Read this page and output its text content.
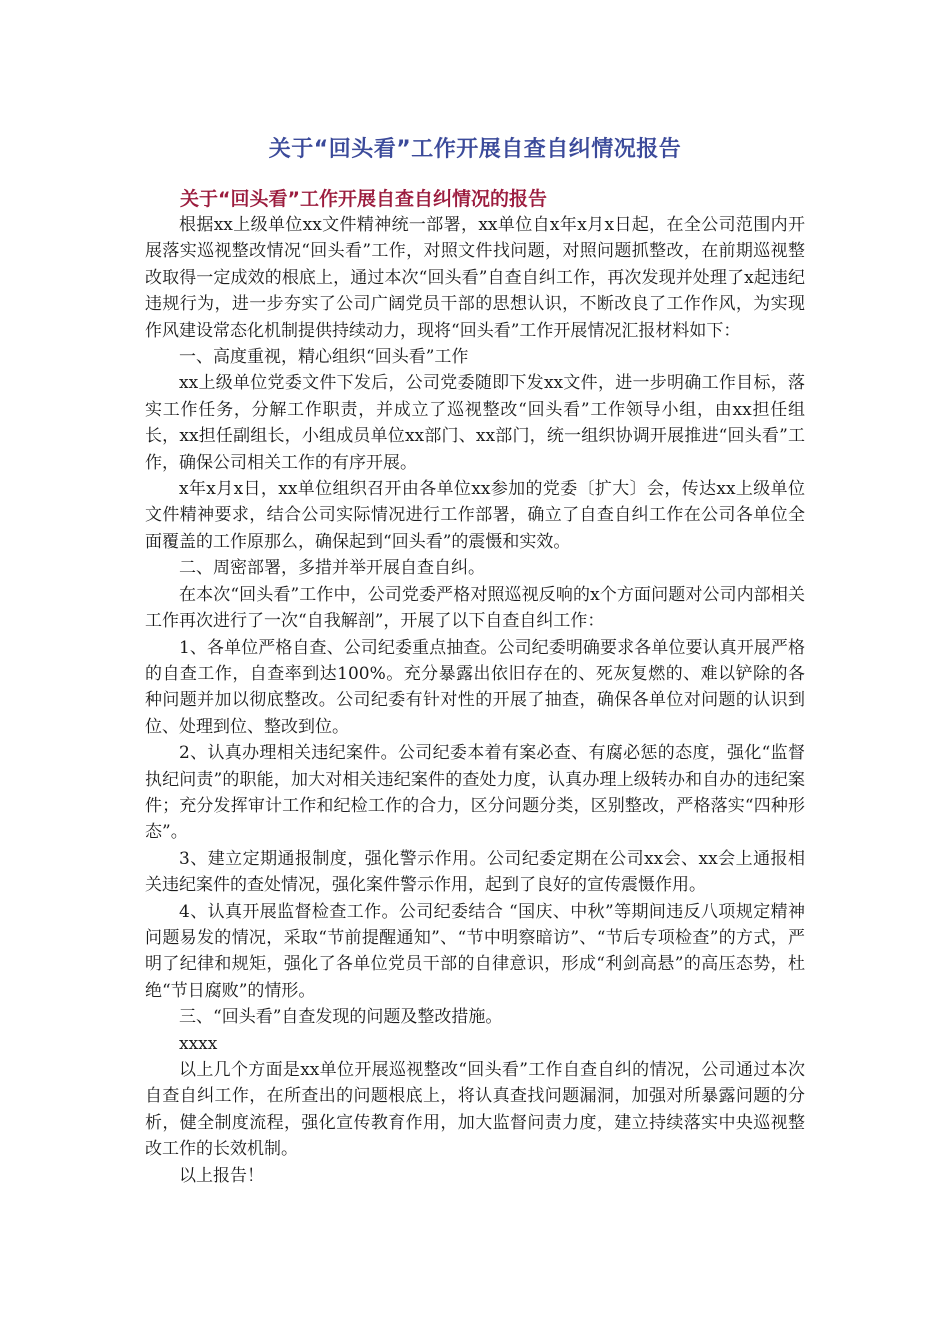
关于“回头看”工作开展自查自纠情况报告
关于“回头看”工作开展自查自纠情况的报告

根据xx上级单位xx文件精神统一部署，xx单位自x年x月x日起，在全公司范围内开展落实巡视整改情况“回头看”工作，对照文件找问题，对照问题抓整改，在前期巡视整改取得一定成效的根底上，通过本次“回头看”自查自纠工作，再次发现并处理了x起违纪违规行为，进一步夯实了公司广阔党员干部的思想认识，不断改良了工作作风，为实现作风建设常态化机制提供持续动力，现将“回头看”工作开展情况汇报材料如下：

一、高度重视，精心组织“回头看”工作

xx上级单位党委文件下发后，公司党委随即下发xx文件，进一步明确工作目标，落实工作任务，分解工作职责，并成立了巡视整改“回头看”工作领导小组，由xx担任组长，xx担任副组长，小组成员单位xx部门、xx部门，统一组织协调开展推进“回头看”工作，确保公司相关工作的有序开展。

x年x月x日，xx单位组织召开由各单位xx参加的党委〔扩大〕会，传达xx上级单位文件精神要求，结合公司实际情况进行工作部署，确立了自查自纠工作在公司各单位全面覆盖的工作原那么，确保起到“回头看”的震慑和实效。

二、周密部署，多措并举开展自查自纠。

在本次“回头看”工作中，公司党委严格对照巡视反响的x个方面问题对公司内部相关工作再次进行了一次“自我解剖”，开展了以下自查自纠工作：

1、各单位严格自查、公司纪委重点抽查。公司纪委明确要求各单位要认真开展严格的自查工作，自查率到达100%。充分暴露出依旧存在的、死灰复燃的、难以铲除的各种问题并加以彻底整改。公司纪委有针对性的开展了抽查，确保各单位对问题的认识到位、处理到位、整改到位。

2、认真办理相关违纪案件。公司纪委本着有案必查、有腐必惩的态度，强化“监督执纪问责”的职能，加大对相关违纪案件的查处力度，认真办理上级转办和自办的违纪案件；充分发挥审计工作和纪检工作的合力，区分问题分类，区别整改，严格落实“四种形态”。

3、建立定期通报制度，强化警示作用。公司纪委定期在公司xx会、xx会上通报相关违纪案件的查处情况，强化案件警示作用，起到了良好的宣传震慑作用。

4、认真开展监督检查工作。公司纪委结合 “国庆、中秋”等期间违反八项规定精神问题易发的情况，采取“节前提醒通知”、“节中明察暗访”、“节后专项检查”的方式，严明了纪律和规矩，强化了各单位党员干部的自律意识，形成“利剑高悬”的高压态势，杜绝“节日腐败”的情形。

三、“回头看”自查发现的问题及整改措施。

xxxx

以上几个方面是xx单位开展巡视整改“回头看”工作自查自纠的情况，公司通过本次自查自纠工作，在所查出的问题根底上，将认真查找问题漏洞，加强对所暴露问题的分析，健全制度流程，强化宣传教育作用，加大监督问责力度，建立持续落实中央巡视整改工作的长效机制。

以上报告！
